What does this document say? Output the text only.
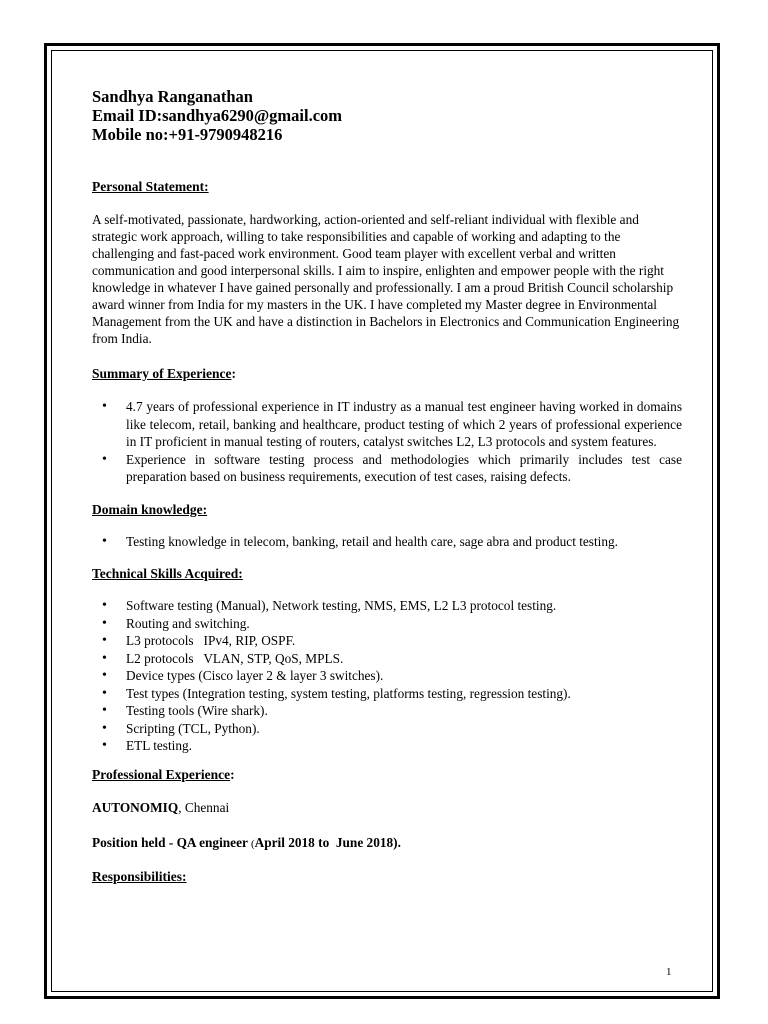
Sandhya Ranganathan

Email ID:sandhya6290@gmail.com

Mobile no:+91-9790948216

Personal Statement:

A self-motivated, passionate, hardworking, action-oriented and self-reliant individual with flexible and strategic work approach, willing to take responsibilities and capable of working and adapting to the challenging and fast-paced work environment. Good team player with excellent verbal and written communication and good interpersonal skills. I aim to inspire, enlighten and empower people with the right knowledge in whatever I have gained personally and professionally. I am a proud British Council scholarship award winner from India for my masters in the UK. I have completed my Master degree in Environmental Management from the UK and have a distinction in Bachelors in Electronics and Communication Engineering from India.

Summary of Experience:

• 4.7 years of professional experience in IT industry as a manual test engineer having worked in domains like telecom, retail, banking and healthcare, product testing of which 2 years of professional experience in IT proficient in manual testing of routers, catalyst switches L2, L3 protocols and system features.
• Experience in software testing process and methodologies which primarily includes test case preparation based on business requirements, execution of test cases, raising defects.

Domain knowledge:

• Testing knowledge in telecom, banking, retail and health care, sage abra and product testing.

Technical Skills Acquired:

• Software testing (Manual), Network testing, NMS, EMS, L2 L3 protocol testing.
• Routing and switching.
• L3 protocols   IPv4, RIP, OSPF.
• L2 protocols   VLAN, STP, QoS, MPLS.
• Device types (Cisco layer 2 & layer 3 switches).
• Test types (Integration testing, system testing, platforms testing, regression testing).
• Testing tools (Wire shark).
• Scripting (TCL, Python).
• ETL testing.

Professional Experience:

AUTONOMIQ, Chennai

Position held - QA engineer (April 2018 to  June 2018).

Responsibilities:

1
